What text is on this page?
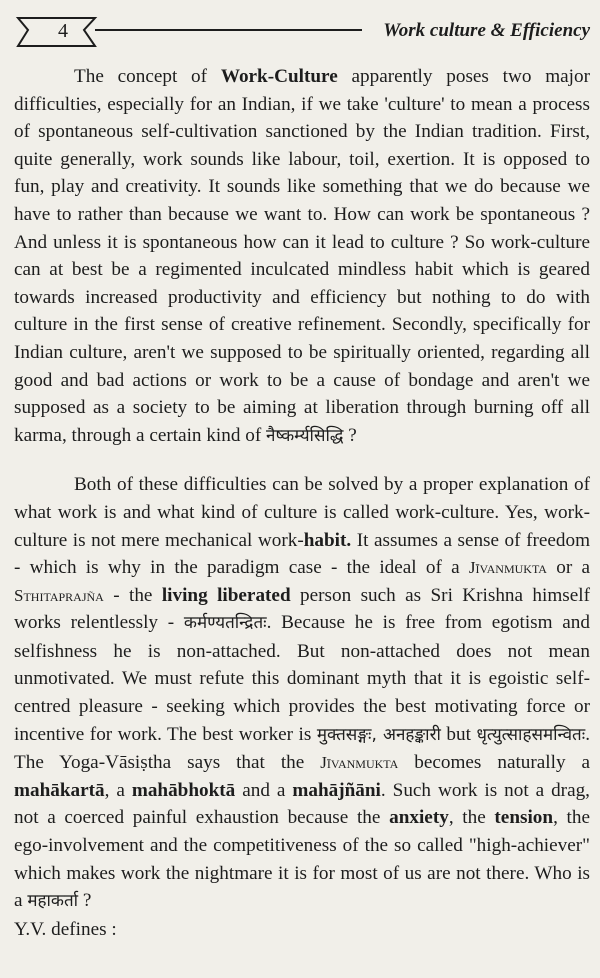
4	Work culture & Efficiency

The concept of Work-Culture apparently poses two major difficulties, especially for an Indian, if we take 'culture' to mean a process of spontaneous self-cultivation sanctioned by the Indian tradition. First, quite generally, work sounds like labour, toil, exertion. It is opposed to fun, play and creativity. It sounds like something that we do because we have to rather than because we want to. How can work be spontaneous ? And unless it is spontaneous how can it lead to culture ? So work-culture can at best be a regimented inculcated mindless habit which is geared towards increased productivity and efficiency but nothing to do with culture in the first sense of creative refinement. Secondly, specifically for Indian culture, aren't we supposed to be spiritually oriented, regarding all good and bad actions or work to be a cause of bondage and aren't we supposed as a society to be aiming at liberation through burning off all karma, through a certain kind of नैष्कर्म्यसिद्धि ?

Both of these difficulties can be solved by a proper explanation of what work is and what kind of culture is called work-culture. Yes, work-culture is not mere mechanical work-habit. It assumes a sense of freedom - which is why in the paradigm case - the ideal of a Jīvanmukta or a Sthitaprajña - the living liberated person such as Sri Krishna himself works relentlessly - कर्मण्यतन्द्रितः. Because he is free from egotism and selfishness he is non-attached. But non-attached does not mean unmotivated. We must refute this dominant myth that it is egoistic self-centred pleasure - seeking which provides the best motivating force or incentive for work. The best worker is मुक्तसङ्गः, अनहङ्कारी but धृत्युत्साहसमन्वितः. The Yoga-Vāsiṣtha says that the Jīvanmukta becomes naturally a mahākartā, a mahābhoktā and a mahājñāni. Such work is not a drag, not a coerced painful exhaustion because the anxiety, the tension, the ego-involvement and the competitiveness of the so called "high-achiever" which makes work the nightmare it is for most of us are not there. Who is a महाकर्ता ?

Y.V. defines :
